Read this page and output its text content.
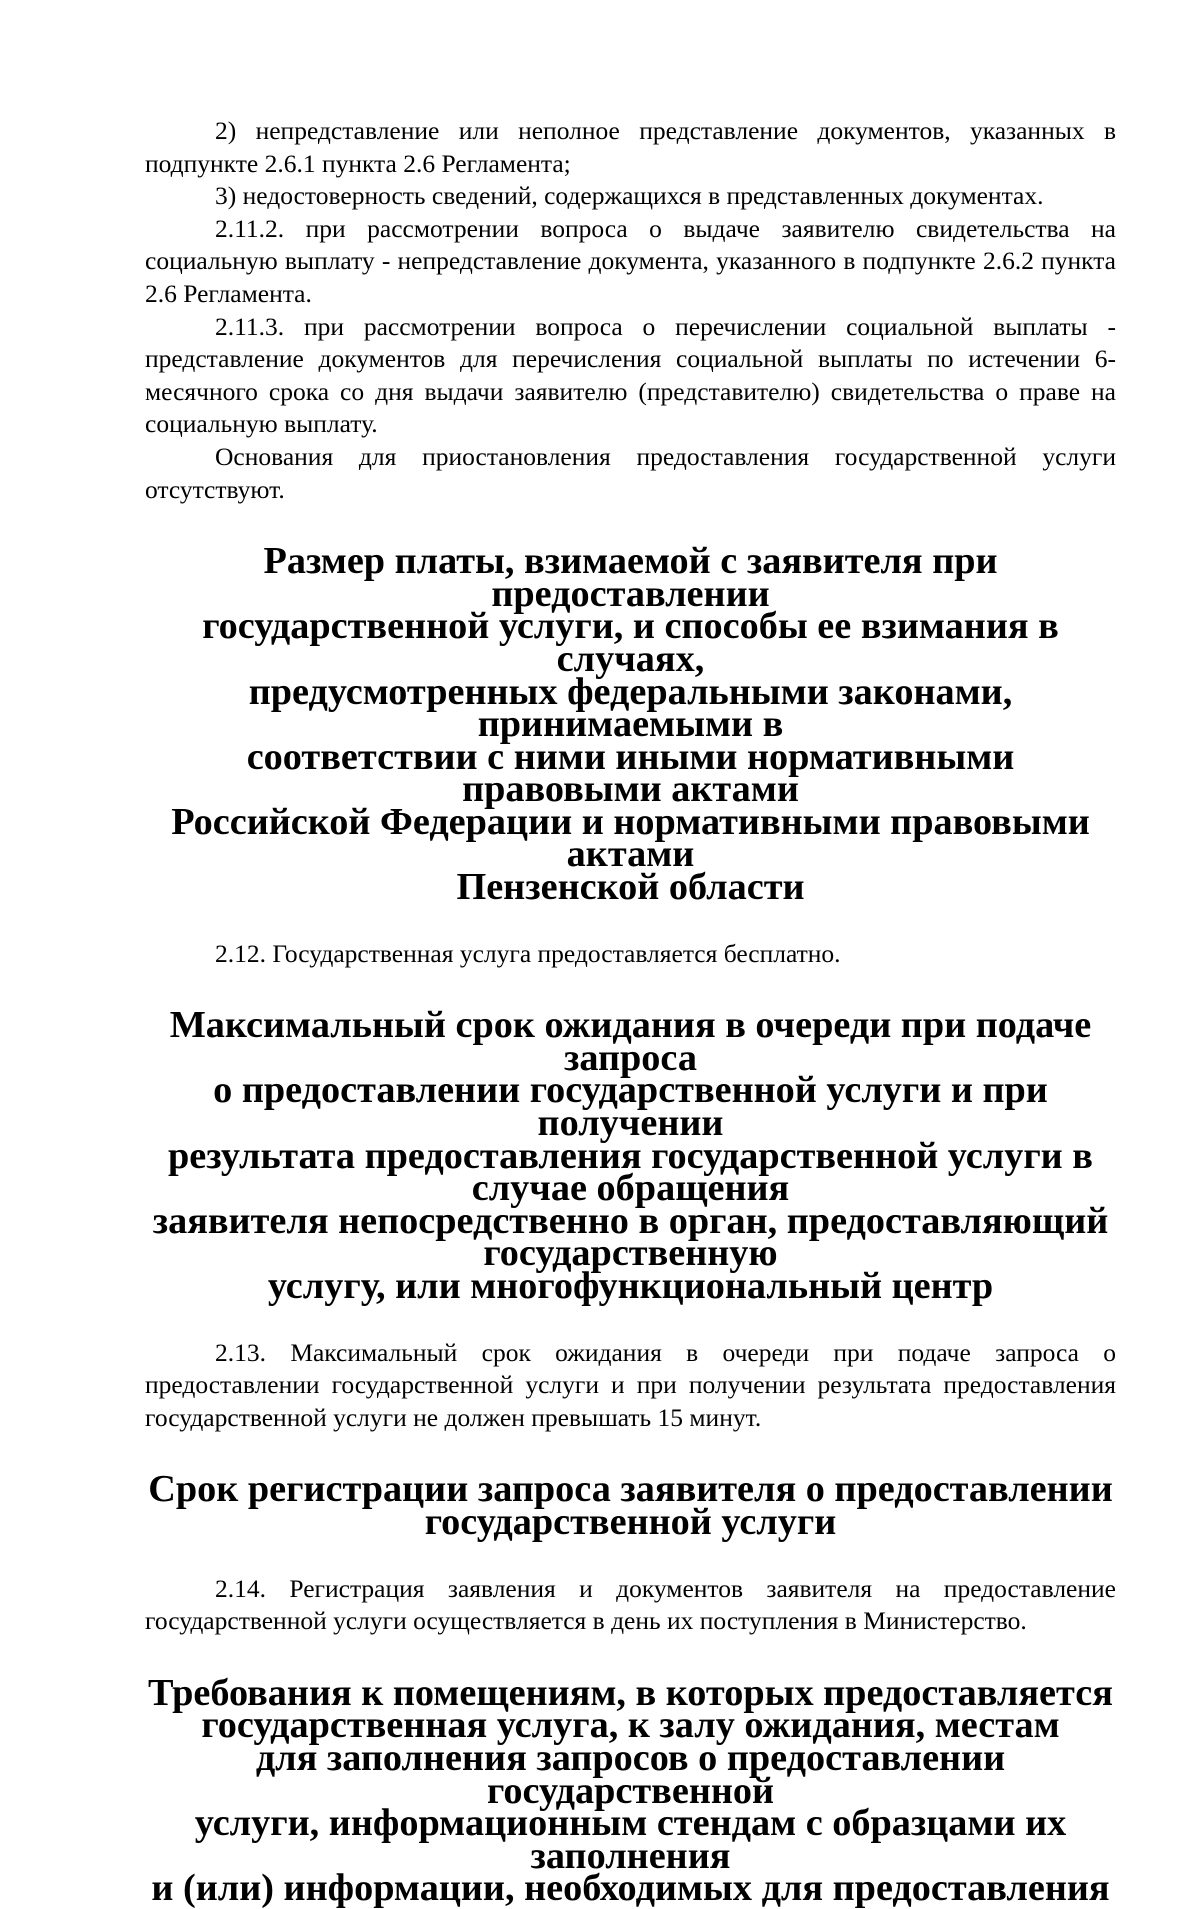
2) непредставление или неполное представление документов, указанных в подпункте 2.6.1 пункта 2.6 Регламента;

3) недостоверность сведений, содержащихся в представленных документах.

2.11.2. при рассмотрении вопроса о выдаче заявителю свидетельства на социальную выплату - непредставление документа, указанного в подпункте 2.6.2 пункта 2.6 Регламента.

2.11.3. при рассмотрении вопроса о перечислении социальной выплаты - представление документов для перечисления социальной выплаты по истечении 6-месячного срока со дня выдачи заявителю (представителю) свидетельства о праве на социальную выплату.

Основания для приостановления предоставления государственной услуги отсутствуют.

Размер платы, взимаемой с заявителя при предоставлении
государственной услуги, и способы ее взимания в случаях,
предусмотренных федеральными законами, принимаемыми в
соответствии с ними иными нормативными правовыми актами
Российской Федерации и нормативными правовыми актами
Пензенской области

2.12. Государственная услуга предоставляется бесплатно.

Максимальный срок ожидания в очереди при подаче запроса
о предоставлении государственной услуги и при получении
результата предоставления государственной услуги в случае обращения
заявителя непосредственно в орган, предоставляющий государственную
услугу, или многофункциональный центр

2.13. Максимальный срок ожидания в очереди при подаче запроса о предоставлении государственной услуги и при получении результата предоставления государственной услуги не должен превышать 15 минут.

Срок регистрации запроса заявителя о предоставлении
государственной услуги

2.14. Регистрация заявления и документов заявителя на предоставление государственной услуги осуществляется в день их поступления в Министерство.

Требования к помещениям, в которых предоставляется
государственная услуга, к залу ожидания, местам
для заполнения запросов о предоставлении государственной
услуги, информационным стендам с образцами их заполнения
и (или) информации, необходимых для предоставления
